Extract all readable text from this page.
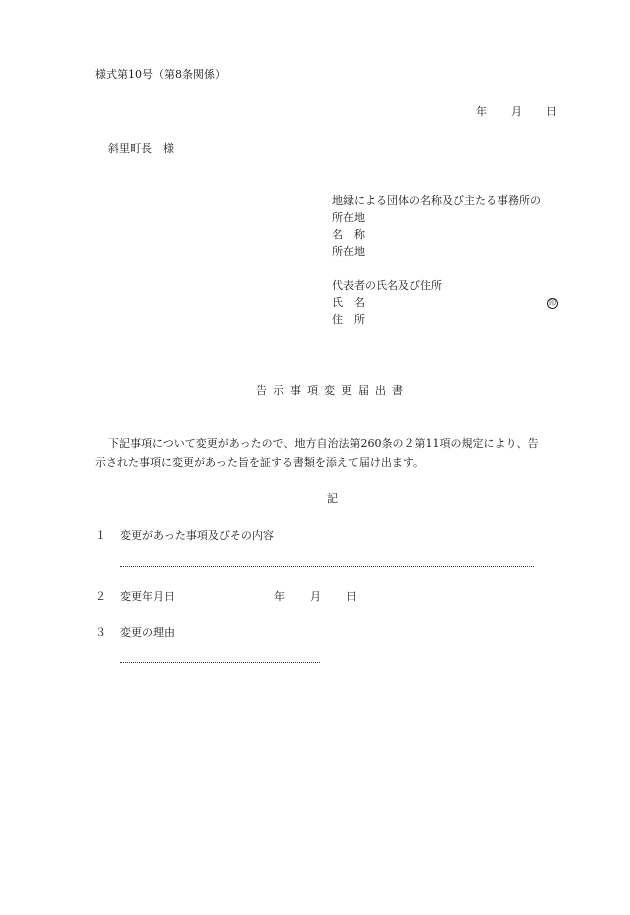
様式第10号（第8条関係）
年 月 日
斜里町長　様
地縁による団体の名称及び主たる事務所の
所在地
名　称
所在地
代表者の氏名及び住所
氏　名	印
住　所
告示事項変更届出書
下記事項について変更があったので、地方自治法第260条の２第11項の規定により、告
示された事項に変更があった旨を証する書類を添えて届け出ます。
記
１ 変更があった事項及びその内容
２ 変更年月日	年 月 日
３ 変更の理由
